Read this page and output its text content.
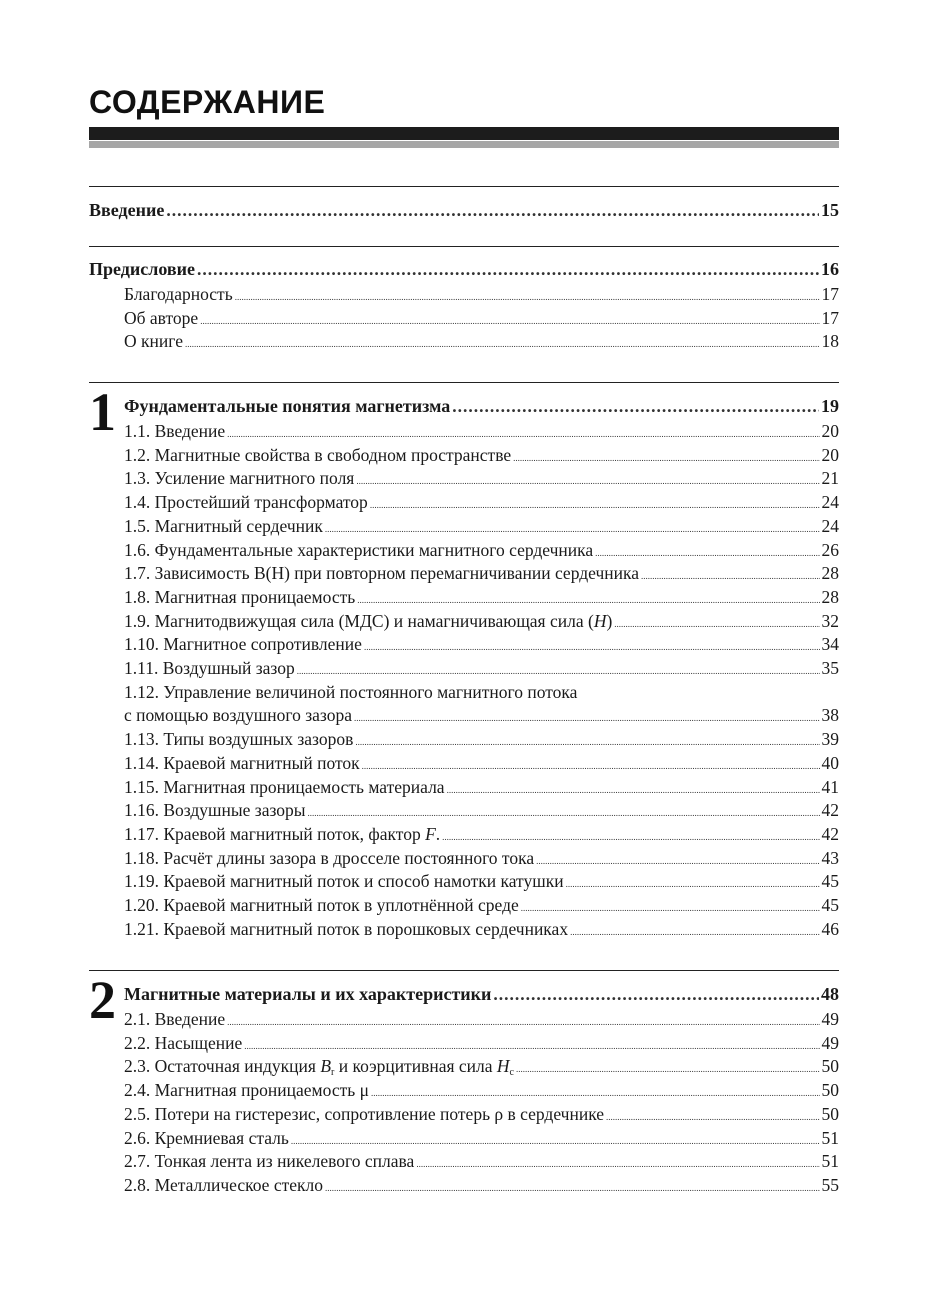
СОДЕРЖАНИЕ
Введение .....	15
Предисловие .....	16
Благодарность .....	17
Об авторе .....	17
О книге .....	18
1 Фундаментальные понятия магнетизма .....	19
1.1. Введение .....	20
1.2. Магнитные свойства в свободном пространстве .....	20
1.3. Усиление магнитного поля .....	21
1.4. Простейший трансформатор .....	24
1.5. Магнитный сердечник .....	24
1.6. Фундаментальные характеристики магнитного сердечника .....	26
1.7. Зависимость B(H) при повторном перемагничивании сердечника .....	28
1.8. Магнитная проницаемость .....	28
1.9. Магнитодвижущая сила (МДС) и намагничивающая сила (H) .....	32
1.10. Магнитное сопротивление .....	34
1.11. Воздушный зазор .....	35
1.12. Управление величиной постоянного магнитного потока
с помощью воздушного зазора .....	38
1.13. Типы воздушных зазоров .....	39
1.14. Краевой магнитный поток .....	40
1.15. Магнитная проницаемость материала .....	41
1.16. Воздушные зазоры .....	42
1.17. Краевой магнитный поток, фактор F. .....	42
1.18. Расчёт длины зазора в дросселе постоянного тока .....	43
1.19. Краевой магнитный поток и способ намотки катушки .....	45
1.20. Краевой магнитный поток в уплотнённой среде .....	45
1.21. Краевой магнитный поток в порошковых сердечниках .....	46
2 Магнитные материалы и их характеристики .....	48
2.1. Введение .....	49
2.2. Насыщение .....	49
2.3. Остаточная индукция $B_r$ и коэрцитивная сила $H_c$ .....	50
2.4. Магнитная проницаемость μ .....	50
2.5. Потери на гистерезис, сопротивление потерь ρ в сердечнике .....	50
2.6. Кремниевая сталь .....	51
2.7. Тонкая лента из никелевого сплава .....	51
2.8. Металлическое стекло .....	55
